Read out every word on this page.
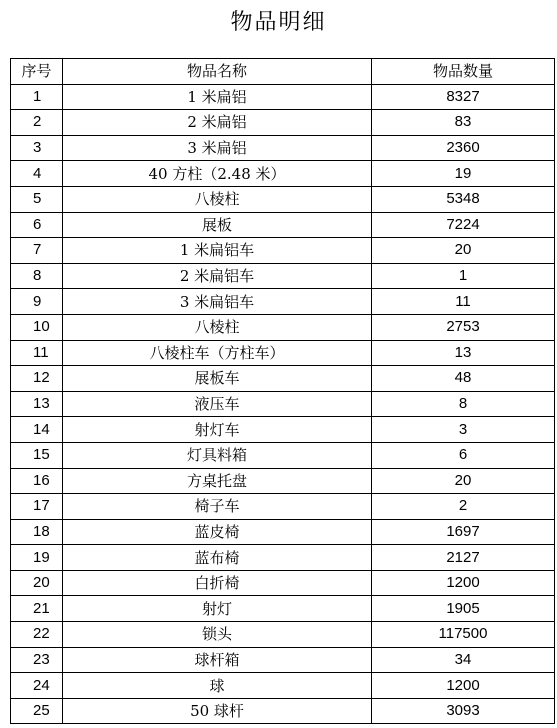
物品明细
序号	物品名称	物品数量
1	1 米扁铝	8327
2	2 米扁铝	83
3	3 米扁铝	2360
4	40 方柱（2.48 米）	19
5	八棱柱	5348
6	展板	7224
7	1 米扁铝车	20
8	2 米扁铝车	1
9	3 米扁铝车	11
10	八棱柱	2753
11	八棱柱车（方柱车）	13
12	展板车	48
13	液压车	8
14	射灯车	3
15	灯具料箱	6
16	方桌托盘	20
17	椅子车	2
18	蓝皮椅	1697
19	蓝布椅	2127
20	白折椅	1200
21	射灯	1905
22	锁头	117500
23	球杆箱	34
24	球	1200
25	50 球杆	3093
